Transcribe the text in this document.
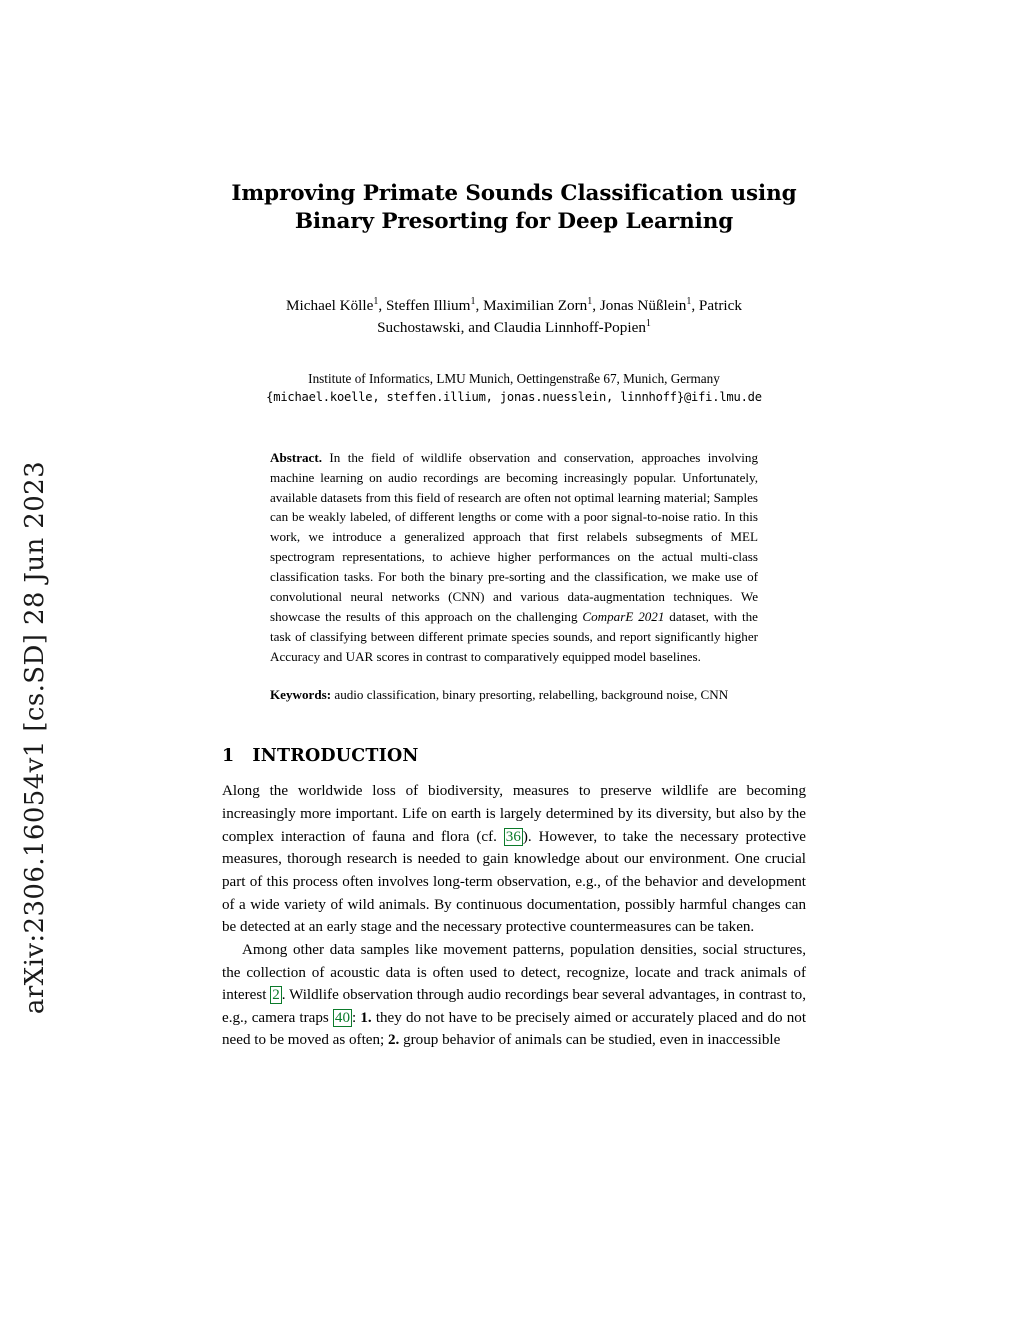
arXiv:2306.16054v1 [cs.SD] 28 Jun 2023
Improving Primate Sounds Classification using
Binary Presorting for Deep Learning
Michael Kölle$^1$, Steffen Illium$^1$, Maximilian Zorn$^1$, Jonas Nüßlein$^1$, Patrick
Suchostawski, and Claudia Linnhoff-Popien$^1$
Institute of Informatics, LMU Munich, Oettingenstraße 67, Munich, Germany
{michael.koelle, steffen.illium, jonas.nuesslein, linnhoff}@ifi.lmu.de
Abstract. In the field of wildlife observation and conservation, approaches involving machine learning on audio recordings are becoming increasingly popular. Unfortunately, available datasets from this field of research are often not optimal learning material; Samples can be weakly labeled, of different lengths or come with a poor signal-to-noise ratio. In this work, we introduce a generalized approach that first relabels subsegments of MEL spectrogram representations, to achieve higher performances on the actual multi-class classification tasks. For both the binary pre-sorting and the classification, we make use of convolutional neural networks (CNN) and various data-augmentation techniques. We showcase the results of this approach on the challenging ComparE 2021 dataset, with the task of classifying between different primate species sounds, and report significantly higher Accuracy and UAR scores in contrast to comparatively equipped model baselines.
Keywords: audio classification, binary presorting, relabelling, background noise, CNN
1 INTRODUCTION
Along the worldwide loss of biodiversity, measures to preserve wildlife are becoming increasingly more important. Life on earth is largely determined by its diversity, but also by the complex interaction of fauna and flora (cf. 36 ). However, to take the necessary protective measures, thorough research is needed to gain knowledge about our environment. One crucial part of this process often involves long-term observation, e.g., of the behavior and development of a wide variety of wild animals. By continuous documentation, possibly harmful changes can be detected at an early stage and the necessary protective countermeasures can be taken.
Among other data samples like movement patterns, population densities, social structures, the collection of acoustic data is often used to detect, recognize, locate and track animals of interest 2 . Wildlife observation through audio recordings bear several advantages, in contrast to, e.g., camera traps 40 : 1. they do not have to be precisely aimed or accurately placed and do not need to be moved as often; 2. group behavior of animals can be studied, even in inaccessible
